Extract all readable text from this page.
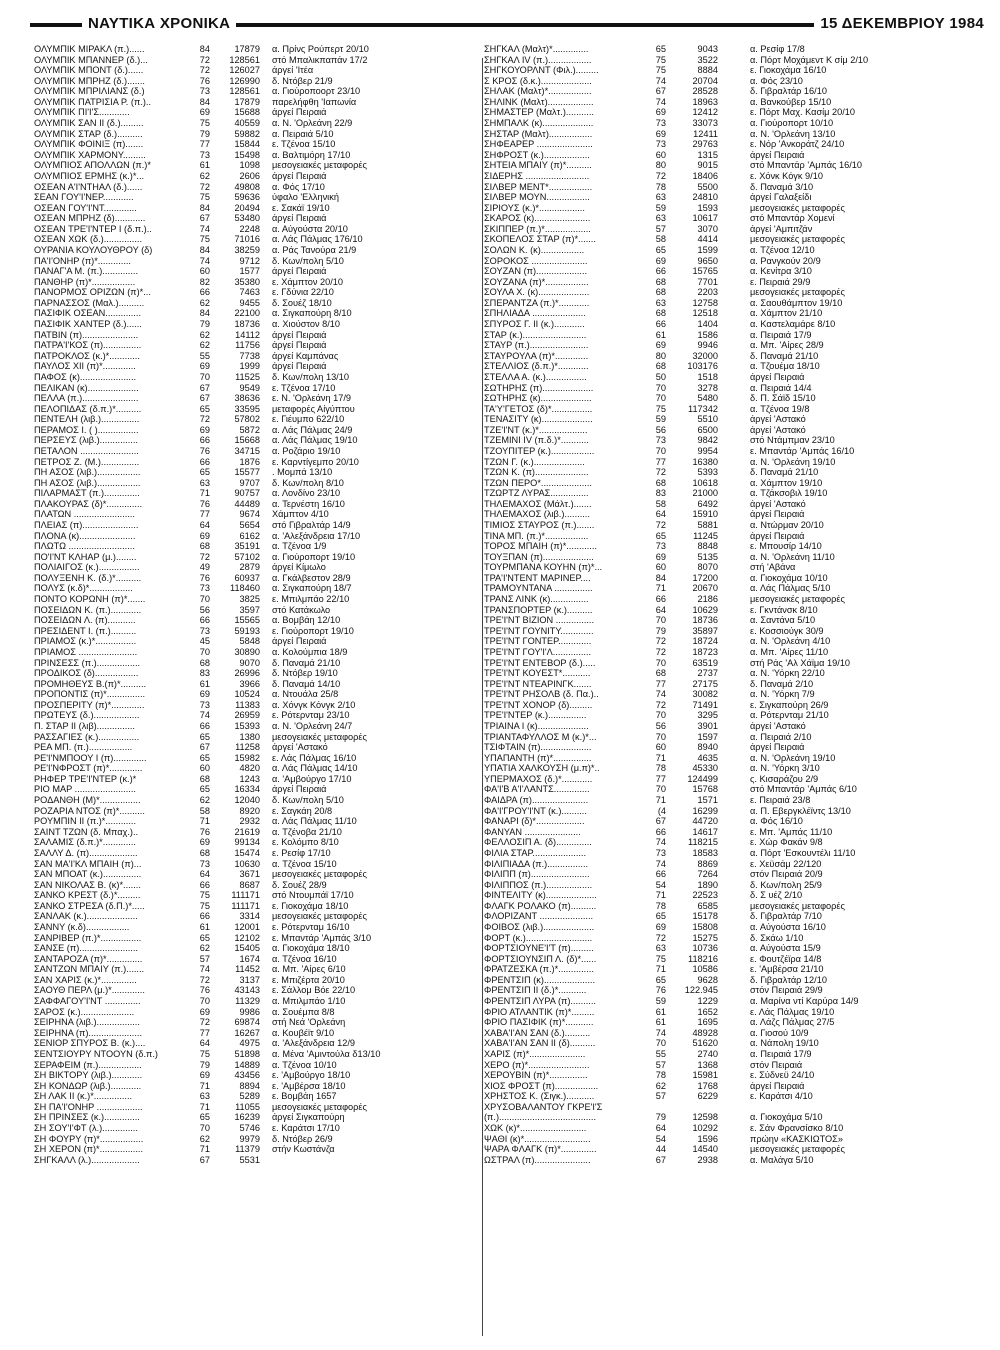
ΝΑΥΤΙΚΑ ΧΡΟΝΙΚΑ	15 ΔΕΚΕΜΒΡΙΟΥ 1984
ΟΛΥΜΠΙΚ ΜΙΡΑΚΛ (π.)......	84	17879 α. Πρίνς Ρούπερτ 20/10
ΟΛΥΜΠΙΚ ΜΠΑΝΝΕΡ (δ.)...	72	128561 στό Μπαλικπαπάν 17/2
ΟΛΥΜΠΙΚ ΜΠΟΝΤ (δ.)......	72	126027 άργεί 'Ιτέα
ΟΛΥΜΠΙΚ ΜΠΡΗΖ (δ.).......	76	126990 δ. Ντόβερ 21/9
ΟΛΥΜΠΙΚ ΜΠΡΙΛΙΑΝΣ (δ.)	73	128561 α. Γιούροποορτ 23/10
ΟΛΥΜΠΙΚ ΠΑΤΡΙΣΙΑ Ρ. (π.)..	84	17879 παρελήφθη 'Ιαπωνία
ΟΛΥΜΠΙΚ ΠΙ'Ι'Σ............	69	15688 άργεί Πειραιά
ΟΛΥΜΠΙΚ ΣΑΝ ΙΙ (δ.).........	75	40559 α. Ν. 'Ορλεάνη 22/9
ΟΛΥΜΠΙΚ ΣΤΑΡ (δ.)..........	79	59882 α. Πειραιά 5/10
ΟΛΥΜΠΙΚ ΦΟΙΝΙΞ (π).......	77	15844 ε. Τζένοα 15/10
ΟΛΥΜΠΙΚ ΧΑΡΜΟΝΥ.........	73	15498 α. Βαλτιμόρη 17/10
ΟΛΥΜΠΙΟΣ ΑΠΟΛΛΩΝ (π.)*	61	1098 μεσογειακές μεταφορές
ΟΛΥΜΠΙΟΣ ΕΡΜΗΣ (κ.)*...	62	2606 άργεί Πειραιά
ΟΣΕΑΝ Α'Ι'ΝΤΗΑΛ (δ.)......	72	49808 α. Φός 17/10
ΣΕΑΝ ΓΟΥ'Ι'ΝΕΡ............	75	59636 ύφαλο 'Ελληνική
ΟΣΕΑΝ ΓΟΥ'Ι'ΝΤ.............	84	20494 ε. Σακάϊ 19/10
ΟΣΕΑΝ ΜΠΡΗΖ (δ)............	67	53480 άργεί Πειραιά
ΟΣΕΑΝ ΤΡΕ'Ι'ΝΤΕΡ Ι (δ.π.)..	74	2248 α. Αύγούστα 20/10
ΟΣΕΑΝ ΧΩΚ (δ.)...............	75	71016 α. Λάς Πάλμας 176/10
ΟΥΡΑΝΙΑ ΚΟΥΛΟΥΘΡΟΥ (δ)	84	38259 α. Ράς Τανούρα 21/9
ΠΑ'Ι'ΟΝΗΡ (π)*.............	74	9712 δ. Κων/πολη 5/10
ΠΑΝΑΓ'Α Μ. (π.)..............	60	1577 άργεί Πειραιά
ΠΑΝΘΗΡ (π)*.................	82	35380 ε. Χάμπτον 20/10
ΠΑΝΟΡΜΟΣ ΟΡΙΖΩΝ (π)*...	66	7463 ε. Γδύνια 22/10
ΠΑΡΝΑΣΣΟΣ (Μαλ.)..........	62	9455 δ. Σουέζ 18/10
ΠΑΣΙΦΙΚ ΟΣΕΑΝ..............	84	22100 α. Σιγκαπούρη 8/10
ΠΑΣΙΦΙΚ ΧΑΝΤΕΡ (δ.)......	79	18736 α. Χιούστον 8/10
ΠΑΤΒΙΝ (π)......................	62	14112 άργεί Πειραιά
ΠΑΤΡΑ'Ι'ΚΟΣ (π)...............	62	11756 άργεί Πειραιά
ΠΑΤΡΟΚΛΟΣ (κ.)*............	55	7738 άργεί Καμπάνας
ΠΑΥΛΟΣ ΧΙΙ (π)*.............	69	1999 άργεί Πειραιά
ΠΑΦΟΣ (κ)......................	70	11525 δ. Κων/πολη 13/10
ΠΕΛΙΚΑΝ (κ)....................	67	9549 ε. Τζένοα 17/10
ΠΕΛΛΑ (π.)......................	67	38636 ε. Ν. 'Ορλεάνη 17/9
ΠΕΛΟΠΙΔΑΣ (δ.π.)*..........	65	33595 μεταφορές Αίγύπτου
ΠΕΝΤΕΛΗ (λιβ.)...............	72	57802 ε. Γιέυμπο 622/10
ΠΕΡΑΜΟΣ Ι. ( )................	69	5872 α. Λάς Πάλμας 24/9
ΠΕΡΣΕΥΣ (λιβ.)...............	66	15668 α. Λάς Πάλμας 19/10
ΠΕΤΑΛΟΝ .......................	76	34715 α. Ροζάριο 19/10
ΠΕΤΡΟΣ Ζ. (Μ.)...............	66	1876 ε. Καρντίγεμπο 20/10
ΠΗ ΑΣΟΣ (λιβ.).................	65	15577 . Μομπά 13/10
ΠΗ ΑΣΟΣ (λιβ.).................	63	9707 δ. Κων/πολη 8/10
ΠΙΛΑΡΜΑΣΤ (π.)..............	71	90757 α. Λονδίνο 23/10
ΠΛΑΚΟΥΡΑΣ (δ)*..............	76	44489 α. Τερνέστη 16/10
ΠΛΑΤΩΝ ........................	77	9674 Χάμπτον 4/10
ΠΛΕΙΑΣ (π)......................	64	5654 στό Γιβραλτάρ 14/9
ΠΛΟΝΑ (κ)......................	69	6162 α. 'Αλεξάνδρεια 17/10
ΠΛΩΤΩ ..........................	68	35191 α. Τζένοα 1/9
ΠΟ'Ι'ΝΤ ΚΛΗΑΡ (μ.)........	72	57102 α. Γιούροπορτ 19/10
ΠΟΛΙΑΙΓΟΣ (κ.)................	49	2879 άργεί Κίμωλο
ΠΟΛΥΞΕΝΗ Κ. (δ.)*..........	76	60937 α. Γκάλβεστον 28/9
ΠΟΛΥΣ (κ.δ)*.................	73	118460 α. Σιγκαπούρη 18/7
ΠΟΝΤΟ ΚΟΡΩΝΗ (π)*.......	70	3825 ε. Μπιλμπάο 22/10
ΠΟΣΕΙΔΩΝ Κ. (π.)............	56	3597 στό Κατάκωλο
ΠΟΣΕΙΔΩΝ Λ. (π)...........	66	15565 α. Βομβάη 12/10
ΠΡΕΣΙΔΕΝΤ Ι. (π.)..........	73	59193 ε. Γιούροπορτ 19/10
ΠΡΙΑΜΟΣ (κ.)*................	45	5848 άργεί Πειραιά
ΠΡΙΑΜΟΣ .......................	70	30890 α. Κολούμπια 18/9
ΠΡΙΝΣΕΣΣ (π.).................	68	9070 δ. Παναμά 21/10
ΠΡΟΔΙΚΟΣ (δ).................	83	26996 δ. Ντόβερ 19/10
ΠΡΟΜΗΘΕΥΣ Β.(π)*..........	61	3966 δ. Παναμά 14/10
ΠΡΟΠΟΝΤΙΣ (π)*...............	69	10524 α. Ντουάλα 25/8
ΠΡΟΣΠΕΡΙΤΥ (π)*.............	73	11383 α. Χόνγκ Κόνγκ 2/10
ΠΡΩΤΕΥΣ (δ.)..................	74	26959 ε. Ρότερνταμ 23/10
Π. ΣΤΑΡ ΙΙ (λιβ)...............	66	15393 α. Ν. 'Ορλεάνη 24/7
ΡΑΣΣΑΓΙΕΣ (κ.)................	65	1380 μεσογειακές μεταφορές
ΡΕΑ ΜΠ. (π.).................	67	11258 άργεί 'Αστακό
ΡΕ'Ι'ΝΜΠΟΟΥ Ι (π).............	65	15982 ε. Λάς Πάλμας 16/10
ΡΕ'Ι'ΝΦΡΟΣΤ (π)*.............	60	4820 α. Λάς Πάλμας 14/10
ΡΗΦΕΡ ΤΡΕ'Ι'ΝΤΕΡ (κ.)*	68	1243 α. 'Αμβούργο 17/10
ΡΙΟ ΜΑΡ ........................	65	16334 άργεί Πειραιά
ΡΟΔΑΝΘΗ (Μ)*................	62	12040 δ. Κων/πολη 5/10
ΡΟΖΑΡΙΑ ΝΤΟΣ (π)*..........	58	8920 ε. Σαγκάη 20/8
ΡΟΥΜΠΙΝ ΙΙ (π.)*............	71	2932 α. Λάς Πάλμας 11/10
ΣΑΙΝΤ ΤΖΩΝ (δ. Μπαχ.)..	76	21619 α. Τζένοβα 21/10
ΣΑΛΑΜΙΣ (δ.π.)*.............	69	99134 ε. Κολόμπο 8/10
ΣΑΛΛΥ Δ. (π)...................	68	15474 ε. Ρεσίφ 17/10
ΣΑΝ ΜΑ'Ι'ΚΛ ΜΠΑΙΗ (π)...	73	10630 α. Τζένοα 15/10
ΣΑΝ ΜΠΟΑΤ (κ.)...............	64	3671 μεσογειακές μεταφορές
ΣΑΝ ΝΙΚΟΛΑΣ Β. (κ)*.......	66	8687 δ. Σουέζ 28/9
ΣΑΝΚΟ ΚΡΕΣΤ (δ.)*.........	75	111171 στό Ντουμπάϊ 17/10
ΣΑΝΚΟ ΣΤΡΕΣΑ (δ.Π.)*.....	75	111171 ε. Γιοκοχάμα 18/10
ΣΑΝΛΑΚ (κ.)....................	66	3314 μεσογειακές μεταφορές
ΣΑΝΝΥ (κ.δ).................	61	12001 ε. Ρότερνταμ 16/10
ΣΑΝΡΙΒΕΡ (π.)*................	65	12102 ε. Μπαντάρ 'Αμπάς 3/10
ΣΑΝΣΕ (π).......................	62	15405 α. Γιοκοχάμα 18/10
ΣΑΝΤΑΡΟΖΑ (π)*..............	57	1674 α. Τζένοα 16/10
ΣΑΝΤΖΩΝ ΜΠΑΙΥ (π.).......	74	11452 α. Μπ. 'Αίρες 6/10
ΣΑΝ ΧΑΡΙΣ (κ.)*..............	72	3137 ε. Μπιζέρτα 20/10
ΣΑΟΥΘ ΠΕΡΛ (μ.)*.............	76	43143 ε. Σάλλομ Βόε 22/10
ΣΑΦΦΑΓΟΥ'Ι'ΝΤ ..............	70	11329 α. Μπιλμπάο 1/10
ΣΑΡΟΣ (κ.).....................	69	9986 α. Σουέμπα 8/8
ΣΕΙΡΗΝΑ (λιβ.).................	72	69874 στή Νεά 'Ορλεάνη
ΣΕΙΡΗΝΑ (π).....................	77	16267 α. Κουβέϊτ 9/10
ΣΕΝΙΟΡ ΣΠΥΡΟΣ Β. (κ.)....	64	4975 α. 'Αλεξάνδρεια 12/9
ΣΕΝΤΣΙΟΥΡΥ ΝΤΟΟΥΝ (δ.π.)	75	51898 α. Μένα 'Αμιντούλα δ13/10
ΣΕΡΑΦΕΙΜ (π.).................	79	14889 α. Τζένοα 10/10
ΣΗ ΒΙΚΤΟΡΥ (λιβ.)............	69	43456 ε. 'Αμβούργο 18/10
ΣΗ ΚΟΝΔΩΡ (λιβ.)............	71	8894 ε. 'Αμβέρσα 18/10
ΣΗ ΛΑΚ ΙΙ (κ.)*...............	63	5289 ε. Βομβάη 1657
ΣΗ ΠΑ'Ι'ΟΝΗΡ ..................	71	11055 μεσογειακές μεταφορές
ΣΗ ΠΡΙΝΣΕΣ (κ.)..............	65	16239 άργεί Σιγκαπούρη
ΣΗ ΣΟΥ'Ι'ΦΤ (λ.)..............	70	5746 ε. Καράτσι 17/10
ΣΗ ΦΟΥΡΥ (π)*.................	62	9979 δ. Ντόβερ 26/9
ΣΗ ΧΕΡΟΝ (π)*.................	71	11379 στήν Κωστάνζα
ΣΗΓΚΑΛΛ (λ.)...................	67	5531
ΣΗΓΚΑΛ (Μαλτ)*..............	65	9043	α. Ρεσίφ 17/8
ΣΗΓΚΑΛ IV (π.).................	75	3522	α. Πόρτ Μοχάμεντ Κ σίμ 2/10
ΣΗΓΚΟΥΟΡΛΝΤ (Φιλ.).........	75	8884	ε. Γιοκοχάμα 16/10
Σ ΚΡΟΣ (δ.κ.)....................	74	20704	α. Φός 23/10
ΣΗΛΑΚ (Μαλτ)*.................	67	28528	δ. Γιβραλτάρ 16/10
ΣΗΛΙΝΚ (Μαλτ)..................	74	18963	α. Βανκούβερ 15/10
ΣΗΜΑΣΤΕΡ (Μαλτ.)...........	69	12412	ε. Πόρτ Μαχ. Κασίμ 20/10
ΣΗΜΠΑΛΚ (κ)....................	73	33073	α. Γιούροπορτ 10/10
ΣΗΣΤΑΡ (Μαλτ).................	69	12411	α. Ν. 'Ορλεάνη 13/10
ΣΗΦΕΑΡΕΡ ......................	73	29763	ε. Νόρ 'Ανκοράτζ 24/10
ΣΗΦΡΟΣΤ (κ.)..................	60	1315	άργεί Πειραιά
ΣΗΤΕΙΑ ΜΠΑΙΥ (π)*..........	80	9015	στό Μπαντάρ 'Αμπάς 16/10
ΣΙΔΕΡΗΣ .........................	72	18406	ε. Χόνκ Κόγκ 9/10
ΣΙΛΒΕΡ ΜΕΝΤ*.................	78	5500	δ. Παναμά 3/10
ΣΙΛΒΕΡ ΜΟΥΝ.................	63	24810	άργεί Γαλαξείδι
ΣΙΡΙΟΥΣ (κ.)*..................	59	1593	μεσογειακές μεταφορές
ΣΚΑΡΟΣ (κ)......................	63	10617	στό Μπαντάρ Χομενί
ΣΚΙΠΠΕΡ (π.)*..................	57	3070	άργεί 'Αμπιτζάν
ΣΚΟΠΕΛΟΣ ΣΤΑΡ (π)*.......	58	4414	μεσογειακές μεταφορές
ΣΟΛΩΝ Κ. (κ).................	65	1599	α. Τζένοα 12/10
ΣΟΡΟΚΟΣ ......................	69	9650	α. Ρανγκούν 20/9
ΣΟΥΖΑΝ (π)....................	66	15765	α. Κενίτρα 3/10
ΣΟΥΖΑΝΑ (π)*.................	68	7701	ε. Πειραιά 29/9
ΣΟΥΛΑ Χ. (κ)....................	68	2203	μεσογειακές μεταφορές
ΣΠΕΡΑΝΤΖΑ (π.)*............	63	12758	α. Σαουθάμπτον 19/10
ΣΠΗΛΙΑΔΑ .....................	68	12518	α. Χάμπτον 21/10
ΣΠΥΡΟΣ Γ. ΙΙ (κ.)............	66	1404	α. Καστελαμάρε 8/10
ΣΤΑΡ (κ.).........................	61	1586	α. Πειραιά 17/9
ΣΤΑΥΡ (π.).......................	69	9946	α. Μπ. 'Αίρες 28/9
ΣΤΑΥΡΟΥΛΑ (π)*.............	80	32000	δ. Παναμά 21/10
ΣΤΕΛΛΙΟΣ (δ.π.)*............	68	103176	α. Τζουέμα 18/10
ΣΤΕΛΛΑ Α. (κ.)................	50	1518	άργεί Πειραιά
ΣΩΤΗΡΗΣ (π)....................	70	3278	α. Πειραιά 14/4
ΣΩΤΗΡΗΣ (κ)....................	70	5480	δ. Π. Σάϊδ 15/10
ΤΑ'Υ'ΓΕΤΟΣ (δ)*................	75	117342	α. Τζένοα 19/8
ΤΕΝΑΣΙΤΥ (κ)....................	59	5510	άργεί 'Αστακό
ΤΖΕ'Ι'ΝΤ (κ.)*...................	56	6500	άργεί 'Αστακό
ΤΖΕΜΙΝΙ IV (π.δ.)*...........	73	9842	στό Ντάμπμαν 23/10
ΤΖΟΥΠΙΤΕΡ (κ.).................	70	9954	ε. Μπαντάρ 'Αμπάς 16/10
ΤΖΩΝ Γ. (κ.)....................	77	16380	α. Ν. 'Ορλεάνη 19/10
ΤΖΩΝ Κ. (π).....................	72	5393	δ. Παναμά 21/10
ΤΖΩΝ ΠΕΡΟ*....................	68	10618	α. Χάμπτον 19/10
ΤΖΩΡΤΖ ΛΥΡΑΣ...............	83	21000	α. Τζάκσοβιλ 19/10
ΤΗΛΕΜΑΧΟΣ (Μάλτ.).......	58	6492	άργεί 'Αστακό
ΤΗΛΕΜΑΧΟΣ (λιβ.)..........	64	15910	άργεί Πειραιά
ΤΙΜΙΟΣ ΣΤΑΥΡΟΣ (π.).......	72	5881	α. Ντώρμαν 20/10
ΤΙΝΑ ΜΠ. (π.)*.................	65	11245	άργεί Πειραιά
ΤΟΡΟΣ ΜΠΑΙΗ (π)*............	73	8848	ε. Μπουσίρ 14/10
ΤΟΥΞΠΑΝ (π)....................	69	5135	α. Ν. 'Ορλεάνη 11/10
ΤΟΥΡΜΠΑΝΑ ΚΟΥΗΝ (π)*...	60	8070	στή 'Αβάνα
ΤΡΑ'Ι'ΝΤΕΝΤ ΜΑΡΙΝΕΡ....	84	17200	α. Γιοκοχάμα 10/10
ΤΡΑΜΟΥΝΤΑΝΑ ...............	71	20670	α. Λάς Πάλμας 5/10
ΤΡΑΝΣ ΛΙΝΚ (κ)...............	66	2186	μεσογειακές μεταφορές
ΤΡΑΝΣΠΟΡΤΕΡ (κ.)..........	64	10629	ε. Γκντάνσκ 8/10
ΤΡΕ'Ι'ΝΤ ΒΙΖΙΟΝ ...............	70	18736	α. Σαντάνα 5/10
ΤΡΕ'Ι'ΝΤ ΓΟΥΝΙΤΥ.............	79	35897	ε. Κοσσιούγκ 30/9
ΤΡΕ'Ι'ΝΤ ΓΟΝΤΕΡ.............	72	18724	α. Ν. 'Ορλεάνη 4/10
ΤΡΕ'Ι'ΝΤ ΓΟΥ'Ι'Λ...............	72	18723	α. Μπ. 'Αίρες 11/10
ΤΡΕ'Ι'ΝΤ ΕΝΤΕΒΟΡ (δ.).....	70	63519	στή Ράς 'Αλ Χάϊμα 19/10
ΤΡΕ'Ι'ΝΤ ΚΟΥΕΣΤ*...........	68	2737	α. Ν. 'Υόρκη 22/10
ΤΡΕ'Ι'ΝΤ ΝΤΕΑΡΙΝΓΚ.......	77	27175	δ. Παναμά 2/10
ΤΡΕ'Ι'ΝΤ ΡΗΣΟΛΒ (δ. Πα.)..	74	30082	α. Ν. 'Υόρκη 7/9
ΤΡΕ'Ι'ΝΤ ΧΟΝΟΡ (δ).........	72	71491	ε. Σιγκαπούρη 26/9
ΤΡΕ'Ι'ΝΤΕΡ (κ.)...............	70	3295	α. Ρότερνταμ 21/10
ΤΡΙΑΙΝΑ Ι (κ)....................	56	3901	άργεί 'Αστακό
ΤΡΙΑΝΤΑΦΥΛΛΟΣ Μ (κ.)*...	70	1597	α. Πειραιά 2/10
ΤΣΙΦΤΑΙΝ (π)....................	60	8940	άργεί Πειραιά
ΥΠΑΠΑΝΤΗ (π)*...............	71	4635	α. Ν. 'Ορλεάνη 19/10
ΥΠΑΤΙΑ ΧΑΛΚΟΥΣΗ (μ.π)*..	78	45330	α. Ν. 'Υόρκη 3/10
ΥΠΕΡΜΑΧΟΣ (δ.)*............	77	124499	ς. Κισαράζου 2/9
ΦΑ'Ι'Β Α'Ι'ΛΑΝΤΣ..............	70	15768	στό Μπαντάρ 'Αμπάς 6/10
ΦΑΙΔΡΑ (π)......................	71	1571	ε. Πειραιά 23/8
ΦΑ'Ι'ΓΡΟΥ'Ι'ΝΤ (κ.)..........	(4	16299	α. Π. Εβεργκλέϊντς 13/10
ΦΑΝΑΡΙ (δ)*...................	67	44720	α. Φός 16/10
ΦΑΝΥΑΝ ......................	66	14617	ε. Μπ. 'Αμπάς 11/10
ΦΕΛΛΟΣΙΠ Α. (δ)..............	74	118215	ε. Χώρ Φακάν 9/8
ΦΙΛΙΑ ΣΤΑΡ.....................	73	18583	α. Πόρτ 'Εσκουντέλι 11/10
ΦΙΛΙΠΙΑΔΑ (π.)................	74	8869	ε. Χεϋσάμ 22/120
ΦΙΛΙΠΠ (π).......................	66	7264	στόν Πειραιά 20/9
ΦΙΛΙΠΠΟΣ (π.)..................	54	1890	δ. Κων/πολη 25/9
ΦΙΝΤΕΛΙΤΥ (κ)....................	71	22523	δ. Σ υέζ 2/10
ΦΛΑΓΚ ΡΟΛΑΚΟ (π)..........	78	6585	μεσογειακές μεταφορές
ΦΛΟΡΙΖΑΝΤ .....................	65	15178	δ. Γιβραλτάρ 7/10
ΦΟΙΒΟΣ (λιβ.)....................	69	15808	α. Αύγούστα 16/10
ΦΟΡΤ (κ.)..........................	72	15275	δ. Σκάω 1/10
ΦΟΡΤΣΙΟΥΝΕ'Ι'Τ (π).........	63	10736	α. Αύγούστα 15/9
ΦΟΡΤΣΙΟΥΝΣΙΠ Λ. (δ)*......	75	118216	ε. Φουτζέϊρα 14/8
ΦΡΑΤΖΕΣΚΑ (π.)*..............	71	10586	ε. 'Αμβέρσα 21/10
ΦΡΕΝΤΣΙΠ (κ)....................	65	9628	δ. Γιβραλτάρ 12/10
ΦΡΕΝΤΣΙΠ ΙΙ (δ.)*...........	76	122.945	στόν Πειραιά 29/9
ΦΡΕΝΤΣΙΠ ΛΥΡΑ (π)..........	59	1229	α. Μαρίνα ντί Καρύρα 14/9
ΦΡΙΟ ΑΤΛΑΝΤΙΚ (π)*.........	61	1652	ε. Λάς Πάλμας 19/10
ΦΡΙΟ ΠΑΣΙΦΙΚ (π)*...........	61	1695	α. Λάζς Πάλμας 27/5
ΧΑΒΑ'Ι'ΑΝ ΣΑΝ (δ.)..........	74	48928	α. Γιοσού 10/9
ΧΑΒΑ'Ι'ΑΝ ΣΑΝ ΙΙ (δ)..........	70	51620	α. Νάπολη 19/10
ΧΑΡΙΣ (π)*......................	55	2740	α. Πειραιά 17/9
ΧΕΡΟ (π)*........................	57	1368	στόν Πειραιά
ΧΕΡΟΥΒΙΝ (π)*...............	78	15981	ε. Σύδνεϋ 24/10
ΧΙΟΣ ΦΡΟΣΤ (π).................	62	1768	άργεί Πειραιά
ΧΡΗΣΤΟΣ Κ. (Σιγκ.)...........	57	6229	ε. Καράτσι 4/10
ΧΡΥΣΟΒΑΛΑΝΤΟΥ ΓΚΡΕ'Ι'Σ
(π.)......................................	79	12598	α. Γιοκοχάμα 5/10
ΧΩΚ (κ)*..........................	64	10292	ε. Σάν Φρανσίσκο 8/10
ΨΑΘΙ (κ)*..........................	54	1596	πρώην «ΚΑΣΚΙΩΤΟΣ»
ΨΑΡΑ ΦΛΑΓΚ (π)*..............	44	14540	μεσογειακές μεταφορές
ΩΣΤΡΑΛ (π)......................	67	2938	α. Μαλάγα 5/10
